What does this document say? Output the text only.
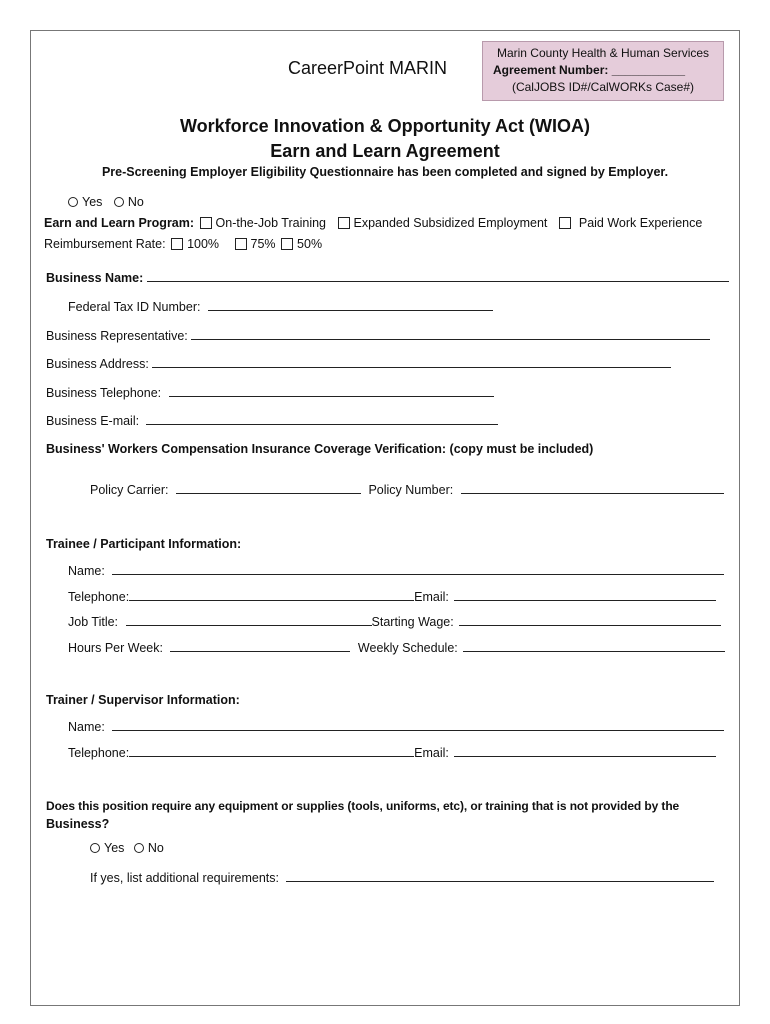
CareerPoint MARIN
Marin County Health & Human Services
Agreement Number: ___________
(CalJOBS ID#/CalWORKs Case#)
Workforce Innovation & Opportunity Act (WIOA)
Earn and Learn Agreement
Pre-Screening Employer Eligibility Questionnaire has been completed and signed by Employer.
Yes No
Earn and Learn Program: On-the-Job Training Expanded Subsidized Employment	Paid Work Experience
Reimbursement Rate: 100%	75% 50%
Business Name:
Federal Tax ID Number:
Business Representative:
Business Address:
Business Telephone:
Business E-mail:
Business' Workers Compensation Insurance Coverage Verification: (copy must be included)
Policy Carrier:	Policy Number:
Trainee / Participant Information:
Name:
Telephone:	Email:
Job Title:	Starting Wage:
Hours Per Week:	Weekly Schedule:
Trainer / Supervisor Information:
Name:
Telephone:	Email:
Does this position require any equipment or supplies (tools, uniforms, etc), or training that is not provided by the
Business?
Yes No
If yes, list additional requirements:
